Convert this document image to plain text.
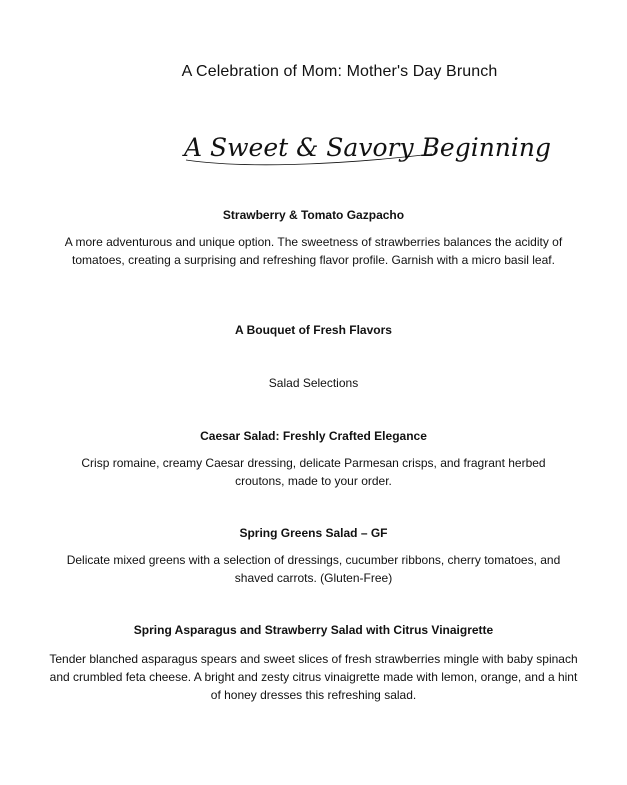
A Celebration of Mom: Mother's Day Brunch
A Sweet & Savory Beginning

Strawberry & Tomato Gazpacho

A more adventurous and unique option. The sweetness of strawberries balances the acidity of tomatoes, creating a surprising and refreshing flavor profile. Garnish with a micro basil leaf.

A Bouquet of Fresh Flavors

Salad Selections

Caesar Salad: Freshly Crafted Elegance

Crisp romaine, creamy Caesar dressing, delicate Parmesan crisps, and fragrant herbed croutons, made to your order.

Spring Greens Salad – GF

Delicate mixed greens with a selection of dressings, cucumber ribbons, cherry tomatoes, and shaved carrots. (Gluten-Free)

Spring Asparagus and Strawberry Salad with Citrus Vinaigrette

Tender blanched asparagus spears and sweet slices of fresh strawberries mingle with baby spinach and crumbled feta cheese. A bright and zesty citrus vinaigrette made with lemon, orange, and a hint of honey dresses this refreshing salad.
